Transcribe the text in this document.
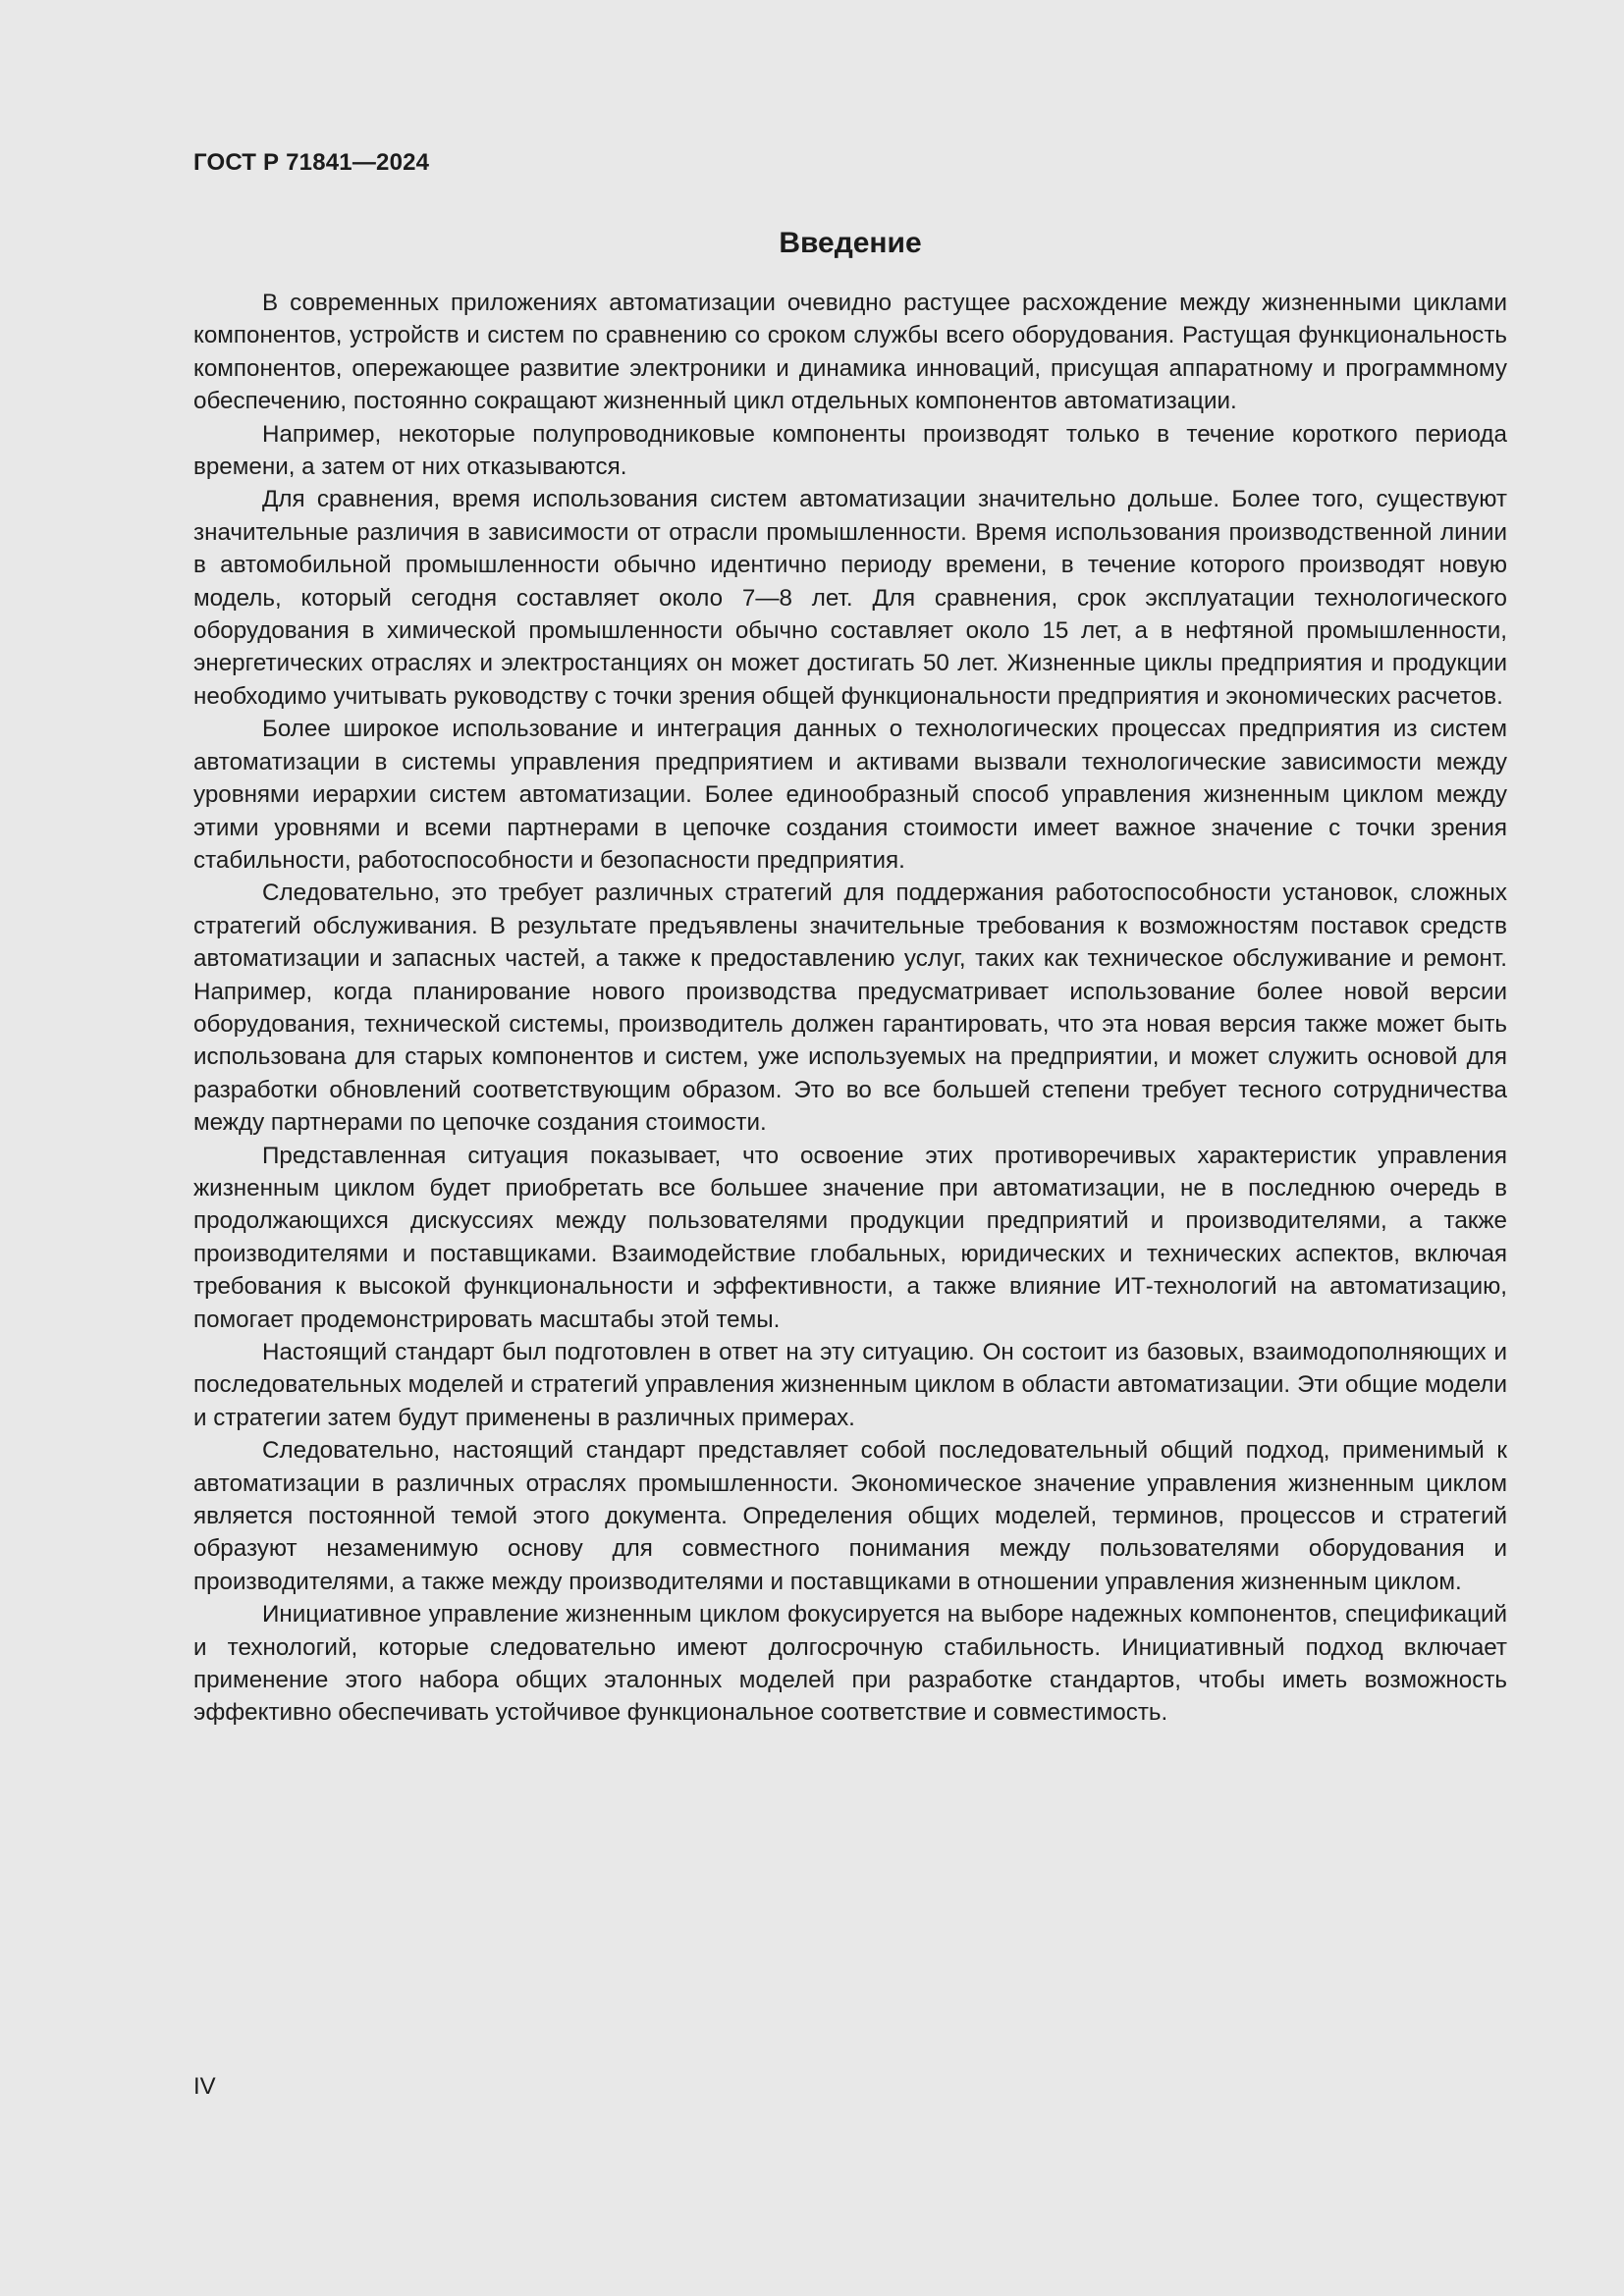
ГОСТ Р 71841—2024
Введение

В современных приложениях автоматизации очевидно растущее расхождение между жизненными циклами компонентов, устройств и систем по сравнению со сроком службы всего оборудования. Растущая функциональность компонентов, опережающее развитие электроники и динамика инноваций, присущая аппаратному и программному обеспечению, постоянно сокращают жизненный цикл отдельных компонентов автоматизации.

Например, некоторые полупроводниковые компоненты производят только в течение короткого периода времени, а затем от них отказываются.

Для сравнения, время использования систем автоматизации значительно дольше. Более того, существуют значительные различия в зависимости от отрасли промышленности. Время использования производственной линии в автомобильной промышленности обычно идентично периоду времени, в течение которого производят новую модель, который сегодня составляет около 7—8 лет. Для сравнения, срок эксплуатации технологического оборудования в химической промышленности обычно составляет около 15 лет, а в нефтяной промышленности, энергетических отраслях и электростанциях он может достигать 50 лет. Жизненные циклы предприятия и продукции необходимо учитывать руководству с точки зрения общей функциональности предприятия и экономических расчетов.

Более широкое использование и интеграция данных о технологических процессах предприятия из систем автоматизации в системы управления предприятием и активами вызвали технологические зависимости между уровнями иерархии систем автоматизации. Более единообразный способ управления жизненным циклом между этими уровнями и всеми партнерами в цепочке создания стоимости имеет важное значение с точки зрения стабильности, работоспособности и безопасности предприятия.

Следовательно, это требует различных стратегий для поддержания работоспособности установок, сложных стратегий обслуживания. В результате предъявлены значительные требования к возможностям поставок средств автоматизации и запасных частей, а также к предоставлению услуг, таких как техническое обслуживание и ремонт. Например, когда планирование нового производства предусматривает использование более новой версии оборудования, технической системы, производитель должен гарантировать, что эта новая версия также может быть использована для старых компонентов и систем, уже используемых на предприятии, и может служить основой для разработки обновлений соответствующим образом. Это во все большей степени требует тесного сотрудничества между партнерами по цепочке создания стоимости.

Представленная ситуация показывает, что освоение этих противоречивых характеристик управления жизненным циклом будет приобретать все большее значение при автоматизации, не в последнюю очередь в продолжающихся дискуссиях между пользователями продукции предприятий и производителями, а также производителями и поставщиками. Взаимодействие глобальных, юридических и технических аспектов, включая требования к высокой функциональности и эффективности, а также влияние ИТ-технологий на автоматизацию, помогает продемонстрировать масштабы этой темы.

Настоящий стандарт был подготовлен в ответ на эту ситуацию. Он состоит из базовых, взаимодополняющих и последовательных моделей и стратегий управления жизненным циклом в области автоматизации. Эти общие модели и стратегии затем будут применены в различных примерах.

Следовательно, настоящий стандарт представляет собой последовательный общий подход, применимый к автоматизации в различных отраслях промышленности. Экономическое значение управления жизненным циклом является постоянной темой этого документа. Определения общих моделей, терминов, процессов и стратегий образуют незаменимую основу для совместного понимания между пользователями оборудования и производителями, а также между производителями и поставщиками в отношении управления жизненным циклом.

Инициативное управление жизненным циклом фокусируется на выборе надежных компонентов, спецификаций и технологий, которые следовательно имеют долгосрочную стабильность. Инициативный подход включает применение этого набора общих эталонных моделей при разработке стандартов, чтобы иметь возможность эффективно обеспечивать устойчивое функциональное соответствие и совместимость.

IV
